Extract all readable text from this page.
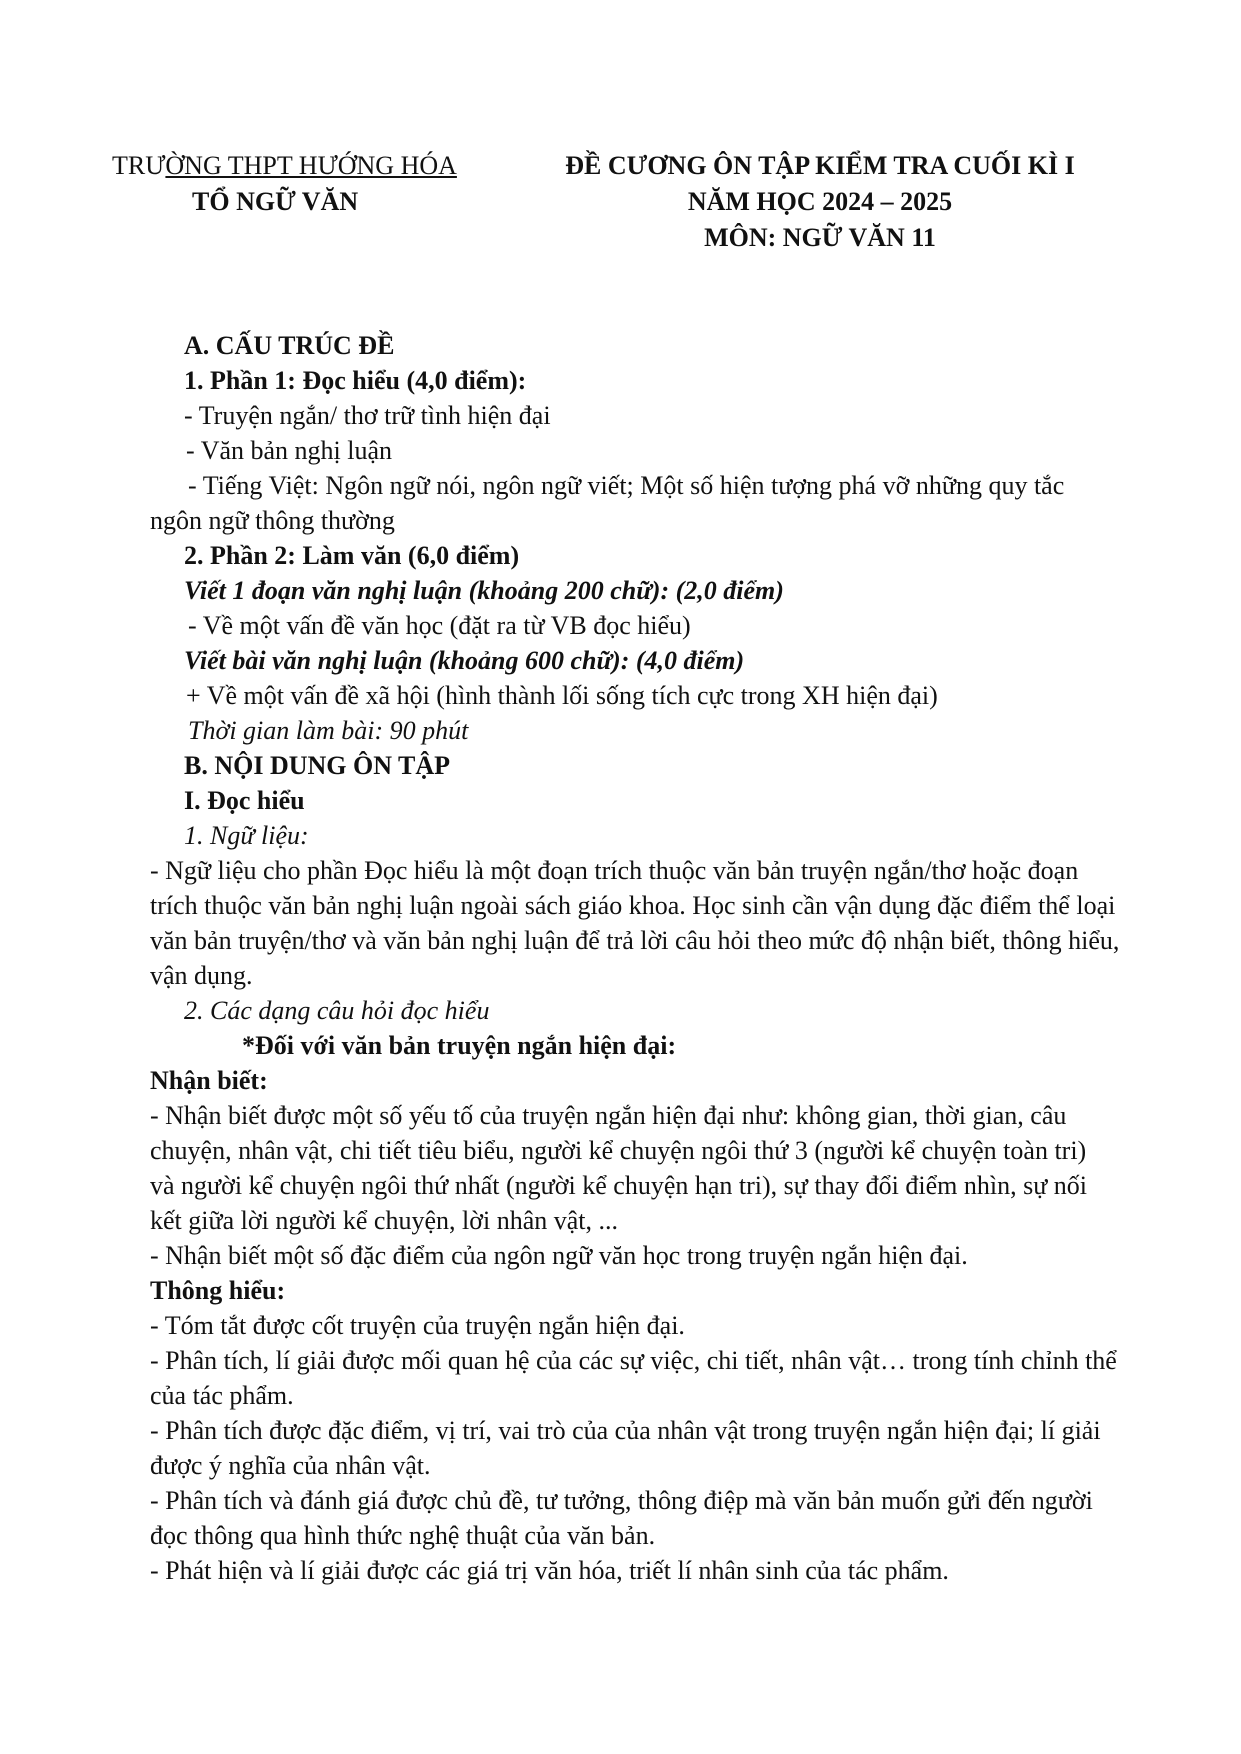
TRƯỜNG THPT HƯỚNG HÓA
TỔ NGỮ VĂN
ĐỀ CƯƠNG ÔN TẬP KIỂM TRA CUỐI KÌ I
NĂM HỌC 2024 – 2025
MÔN: NGỮ VĂN 11
A. CẤU TRÚC ĐỀ
1. Phần 1: Đọc hiểu (4,0 điểm):
- Truyện ngắn/ thơ trữ tình hiện đại
- Văn bản nghị luận
- Tiếng Việt: Ngôn ngữ nói, ngôn ngữ viết; Một số hiện tượng phá vỡ những quy tắc
ngôn ngữ thông thường
2. Phần 2: Làm văn (6,0 điểm)
Viết 1 đoạn văn nghị luận (khoảng 200 chữ): (2,0 điểm)
- Về một vấn đề văn học (đặt ra từ VB đọc hiểu)
Viết bài văn nghị luận (khoảng 600 chữ): (4,0 điểm)
+ Về một vấn đề xã hội (hình thành lối sống tích cực trong XH hiện đại)
Thời gian làm bài: 90 phút
B. NỘI DUNG ÔN TẬP
I. Đọc hiểu
1. Ngữ liệu:
- Ngữ liệu cho phần Đọc hiểu là một đoạn trích thuộc văn bản truyện ngắn/thơ hoặc đoạn
trích thuộc văn bản nghị luận ngoài sách giáo khoa. Học sinh cần vận dụng đặc điểm thể loại
văn bản truyện/thơ và văn bản nghị luận để trả lời câu hỏi theo mức độ nhận biết, thông hiểu,
vận dụng.
2. Các dạng câu hỏi đọc hiểu
*Đối với văn bản truyện ngắn hiện đại:
Nhận biết:
- Nhận biết được một số yếu tố của truyện ngắn hiện đại như: không gian, thời gian, câu
chuyện, nhân vật, chi tiết tiêu biểu, người kể chuyện ngôi thứ 3 (người kể chuyện toàn tri)
và người kể chuyện ngôi thứ nhất (người kể chuyện hạn tri), sự thay đổi điểm nhìn, sự nối
kết giữa lời người kể chuyện, lời nhân vật, ...
- Nhận biết một số đặc điểm của ngôn ngữ văn học trong truyện ngắn hiện đại.
Thông hiểu:
- Tóm tắt được cốt truyện của truyện ngắn hiện đại.
- Phân tích, lí giải được mối quan hệ của các sự việc, chi tiết, nhân vật… trong tính chỉnh thể
của tác phẩm.
- Phân tích được đặc điểm, vị trí, vai trò của của nhân vật trong truyện ngắn hiện đại; lí giải
được ý nghĩa của nhân vật.
- Phân tích và đánh giá được chủ đề, tư tưởng, thông điệp mà văn bản muốn gửi đến người
đọc thông qua hình thức nghệ thuật của văn bản.
- Phát hiện và lí giải được các giá trị văn hóa, triết lí nhân sinh của tác phẩm.
